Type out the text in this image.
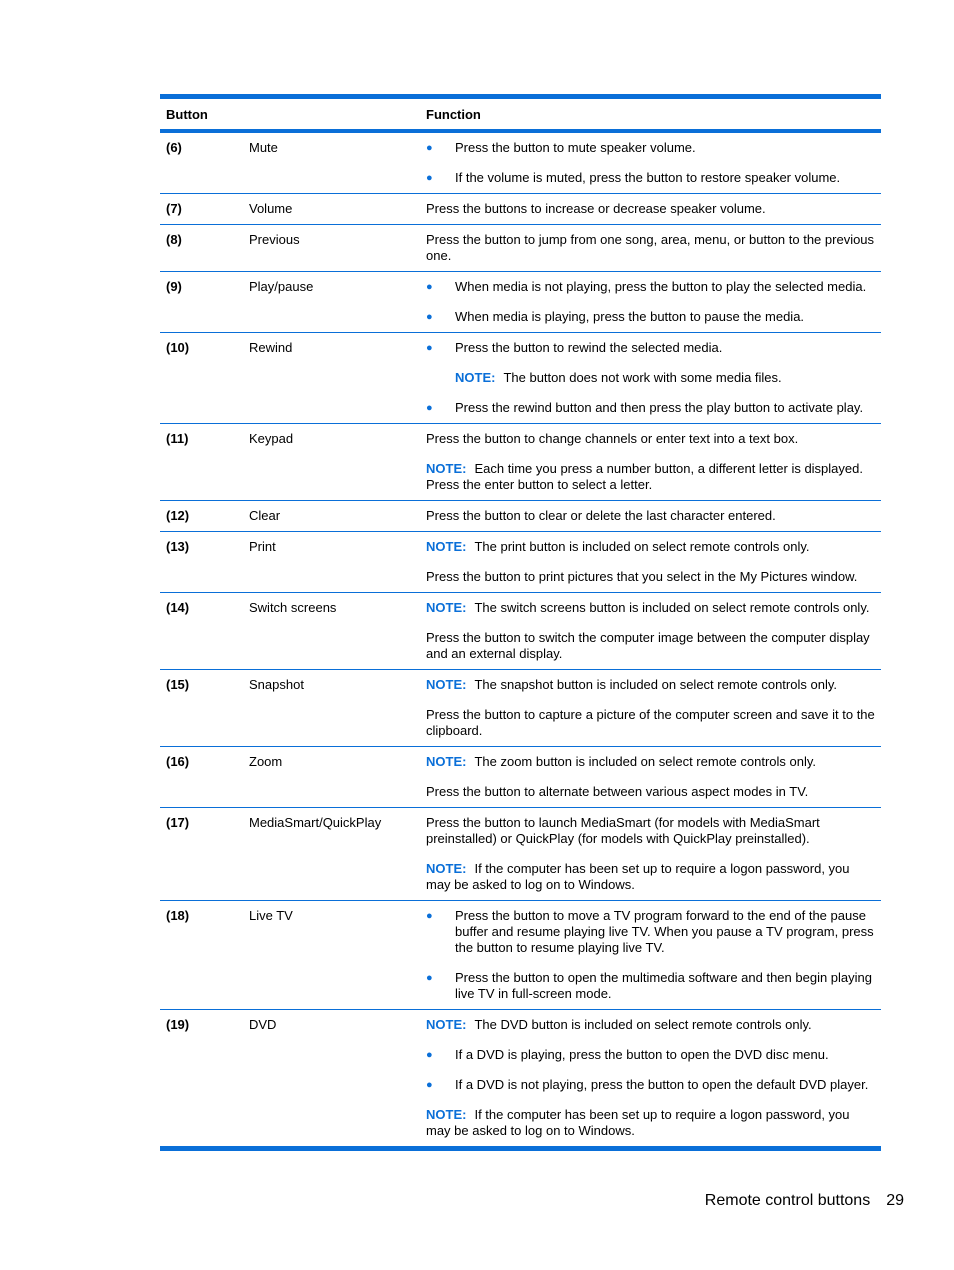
Button	Function
(6)	Mute	●	Press the button to mute speaker volume.
●	If the volume is muted, press the button to restore speaker volume.
(7)	Volume	Press the buttons to increase or decrease speaker volume.

(8)	Previous	Press the button to jump from one song, area, menu, or button to the previous one.

(9)	Play/pause	●	When media is not playing, press the button to play the selected media.
●	When media is playing, press the button to pause the media.
(10)	Rewind	●	Press the button to rewind the selected media.

NOTE: The button does not work with some media files.

●	Press the rewind button and then press the play button to activate play.
(11)	Keypad	Press the button to change channels or enter text into a text box.

NOTE: Each time you press a number button, a different letter is displayed. Press the enter button to select a letter.

(12)	Clear	Press the button to clear or delete the last character entered.

(13)	Print	NOTE: The print button is included on select remote controls only.

Press the button to print pictures that you select in the My Pictures window.

(14)	Switch screens	NOTE: The switch screens button is included on select remote controls only.

Press the button to switch the computer image between the computer display and an external display.

(15)	Snapshot	NOTE: The snapshot button is included on select remote controls only.

Press the button to capture a picture of the computer screen and save it to the clipboard.

(16)	Zoom	NOTE: The zoom button is included on select remote controls only.

Press the button to alternate between various aspect modes in TV.

(17)	MediaSmart/QuickPlay	Press the button to launch MediaSmart (for models with MediaSmart preinstalled) or QuickPlay (for models with QuickPlay preinstalled).

NOTE: If the computer has been set up to require a logon password, you may be asked to log on to Windows.

(18)	Live TV	●	Press the button to move a TV program forward to the end of the pause buffer and resume playing live TV. When you pause a TV program, press the button to resume playing live TV.
●	Press the button to open the multimedia software and then begin playing live TV in full-screen mode.
(19)	DVD	NOTE: The DVD button is included on select remote controls only.

●	If a DVD is playing, press the button to open the DVD disc menu.
●	If a DVD is not playing, press the button to open the default DVD player.

NOTE: If the computer has been set up to require a logon password, you may be asked to log on to Windows.

Remote control buttons 29
